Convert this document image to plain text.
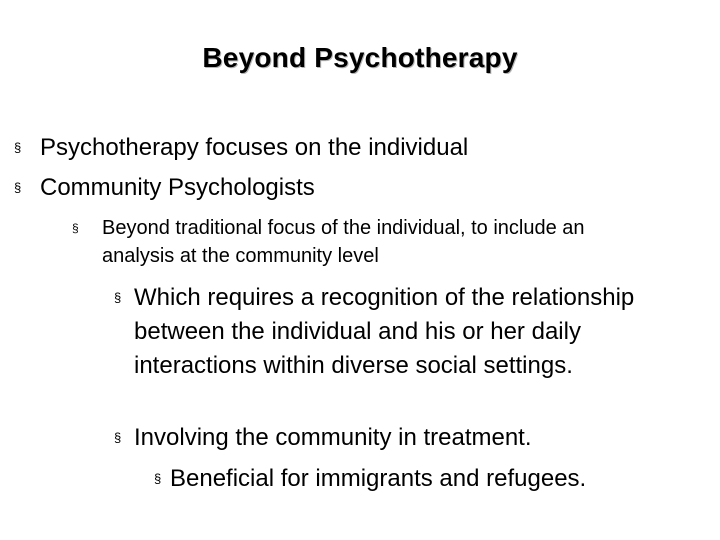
Beyond Psychotherapy
§ Psychotherapy focuses on the individual
§ Community Psychologists
§	Beyond traditional focus of the individual, to include an analysis at the community level
§ Which requires a recognition of the relationship between the individual and his or her daily interactions within diverse social settings.
§ Involving the community in treatment.
§ Beneficial for immigrants and refugees.
